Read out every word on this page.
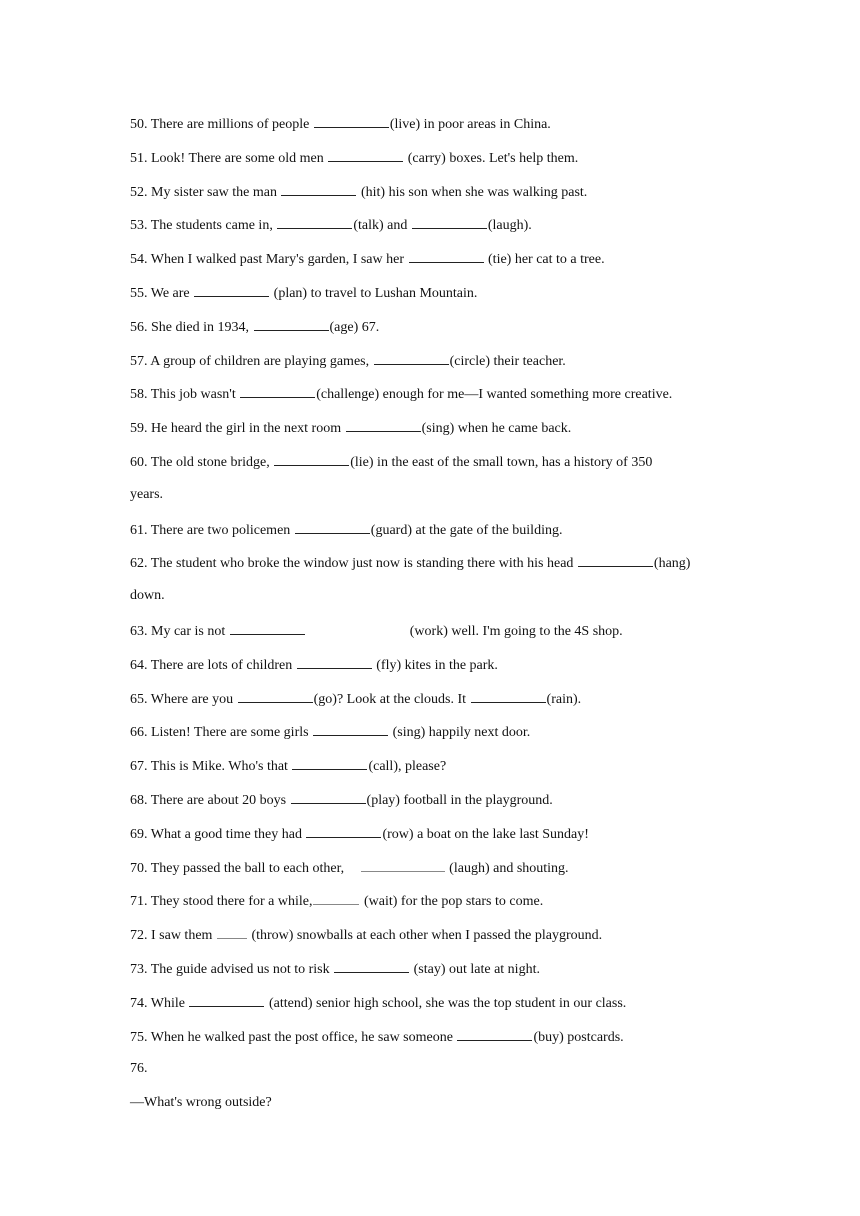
50. There are millions of people	(live) in poor areas in China.
51. Look! There are some old men	(carry) boxes. Let's help them.
52. My sister saw the man	(hit) his son when she was walking past.
53. The students came in,	(talk) and	(laugh).
54. When I walked past Mary's garden, I saw her	(tie) her cat to a tree.
55. We are	(plan) to travel to Lushan Mountain.
56. She died in 1934,	(age) 67.
57. A group of children are playing games,	(circle) their teacher.
58. This job wasn't	(challenge) enough for me—I wanted something more creative.
59. He heard the girl in the next room	(sing) when he came back.
60. The old stone bridge,	(lie) in the east of the small town, has a history of 350
years.
61. There are two policemen	(guard) at the gate of the building.
62. The student who broke the window just now is standing there with his head	(hang)
down.
63. My car is not	(work) well. I'm going to the 4S shop.
64. There are lots of children	(fly) kites in the park.
65. Where are you	(go)? Look at the clouds. It	(rain).
66. Listen! There are some girls	(sing) happily next door.
67. This is Mike. Who's that	(call), please?
68. There are about 20 boys	(play) football in the playground.
69. What a good time they had	(row) a boat on the lake last Sunday!
70. They passed the ball to each other,	(laugh) and shouting.
71. They stood there for a while,	(wait) for the pop stars to come.
72. I saw them  (throw) snowballs at each other when I passed the playground.
73. The guide advised us not to risk	(stay) out late at night.
74. While	(attend) senior high school, she was the top student in our class.
75. When he walked past the post office, he saw someone	(buy) postcards.
76.
—What's wrong outside?
